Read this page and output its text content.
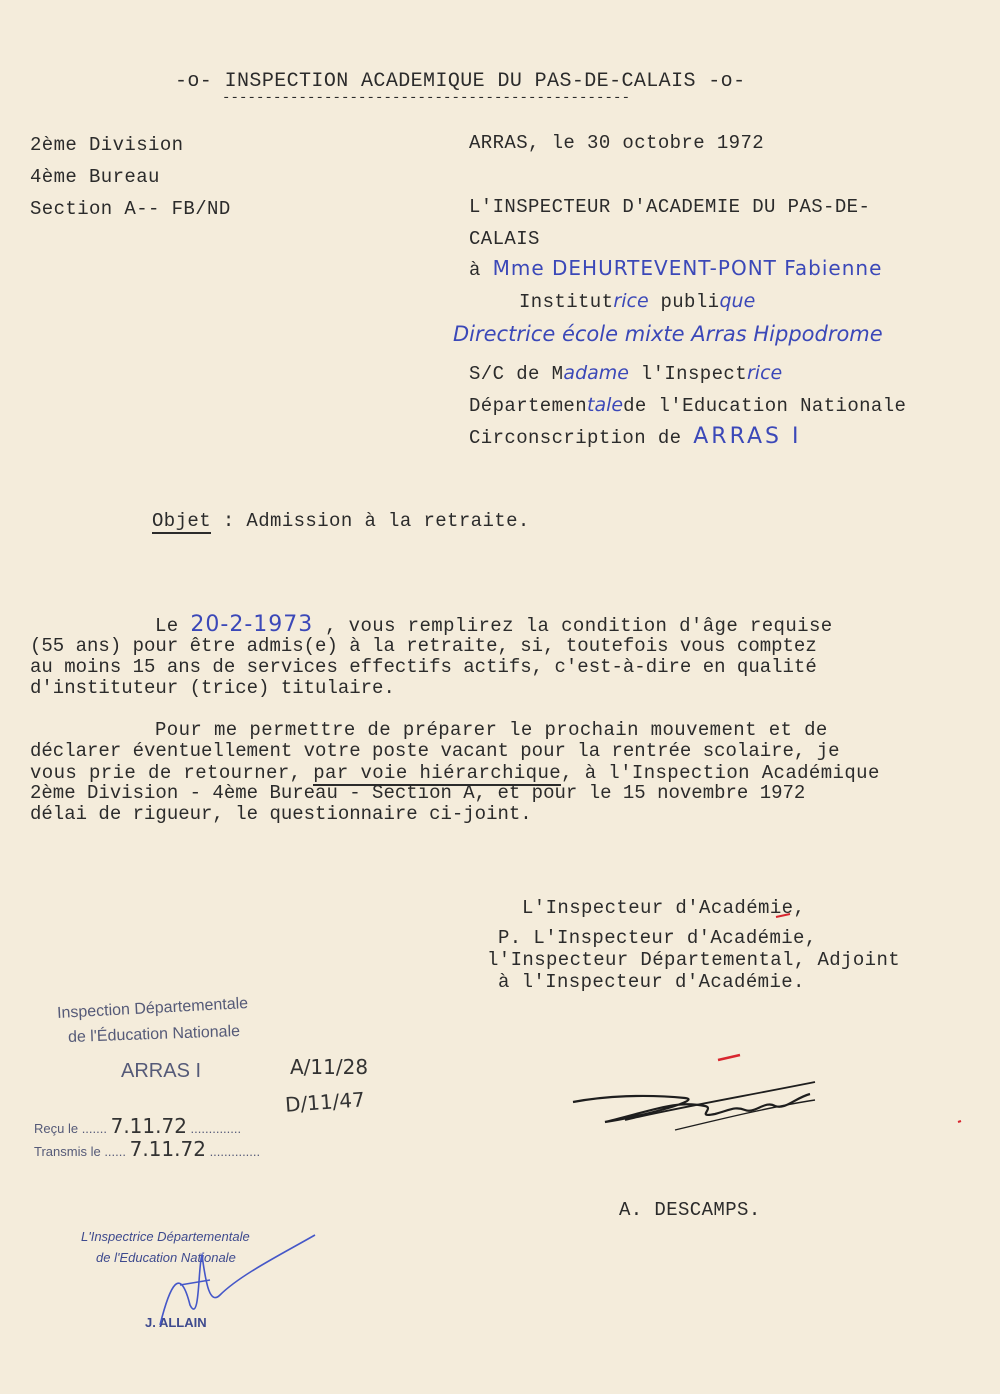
-o- INSPECTION ACADEMIQUE DU PAS-DE-CALAIS -o-
------------------------------------------------
2ème Division
4ème Bureau
Section A-- FB/ND
ARRAS, le 30 octobre 1972
L'INSPECTEUR D'ACADEMIE DU PAS-DE-
CALAIS
à Mme DEHURTEVENT-PONT Fabienne
Institutrice publique
Directrice école mixte Arras Hippodrome
S/C de Madame l'Inspectrice
Départementalede l'Education Nationale
Circonscription de ARRAS I
Objet : Admission à la retraite.
Le 20-2-1973 , vous remplirez la condition d'âge requise
(55 ans) pour être admis(e) à la retraite, si, toutefois vous comptez
au moins 15 ans de services effectifs actifs, c'est-à-dire en qualité
d'instituteur (trice) titulaire.
Pour me permettre de préparer le prochain mouvement et de
déclarer éventuellement votre poste vacant pour la rentrée scolaire, je
vous prie de retourner, par voie hiérarchique, à l'Inspection Académique
2ème Division - 4ème Bureau - Section A, et pour le 15 novembre 1972
délai de rigueur, le questionnaire ci-joint.
L'Inspecteur d'Académie,
P. L'Inspecteur d'Académie,
l'Inspecteur Départemental, Adjoint
à l'Inspecteur d'Académie.
A. DESCAMPS.
Inspection Départementale
de l'Éducation Nationale
ARRAS I	A/11/28
D/11/47
Reçu le ....... 7.11.72 ..............
Transmis le ...... 7.11.72 ..............
L'Inspectrice Départementale
de l'Education Nationale
J. ALLAIN
